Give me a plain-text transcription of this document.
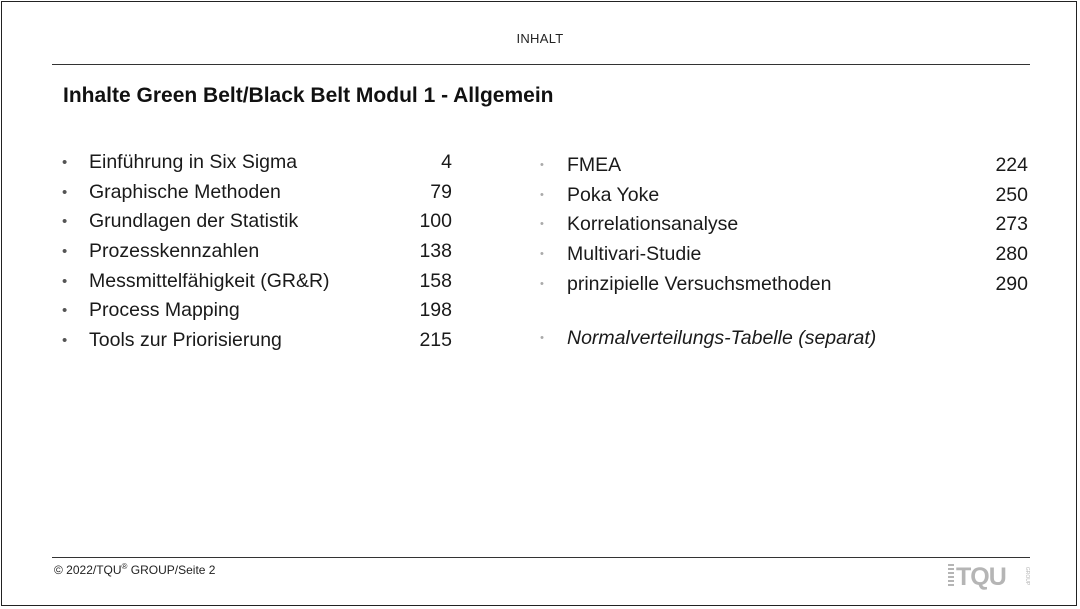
INHALT
Inhalte Green Belt/Black Belt Modul 1 - Allgemein
•	Einführung in Six Sigma	4
•	Graphische Methoden	79
•	Grundlagen der Statistik	100
•	Prozesskennzahlen	138
•	Messmittelfähigkeit (GR&R)	158
•	Process Mapping	198
•	Tools zur Priorisierung	215
•	FMEA	224
•	Poka Yoke	250
•	Korrelationsanalyse	273
•	Multivari-Studie	280
•	prinzipielle Versuchsmethoden	290
•	Normalverteilungs-Tabelle (separat)
© 2022/TQU® GROUP/Seite 2	TQU	GROUP
